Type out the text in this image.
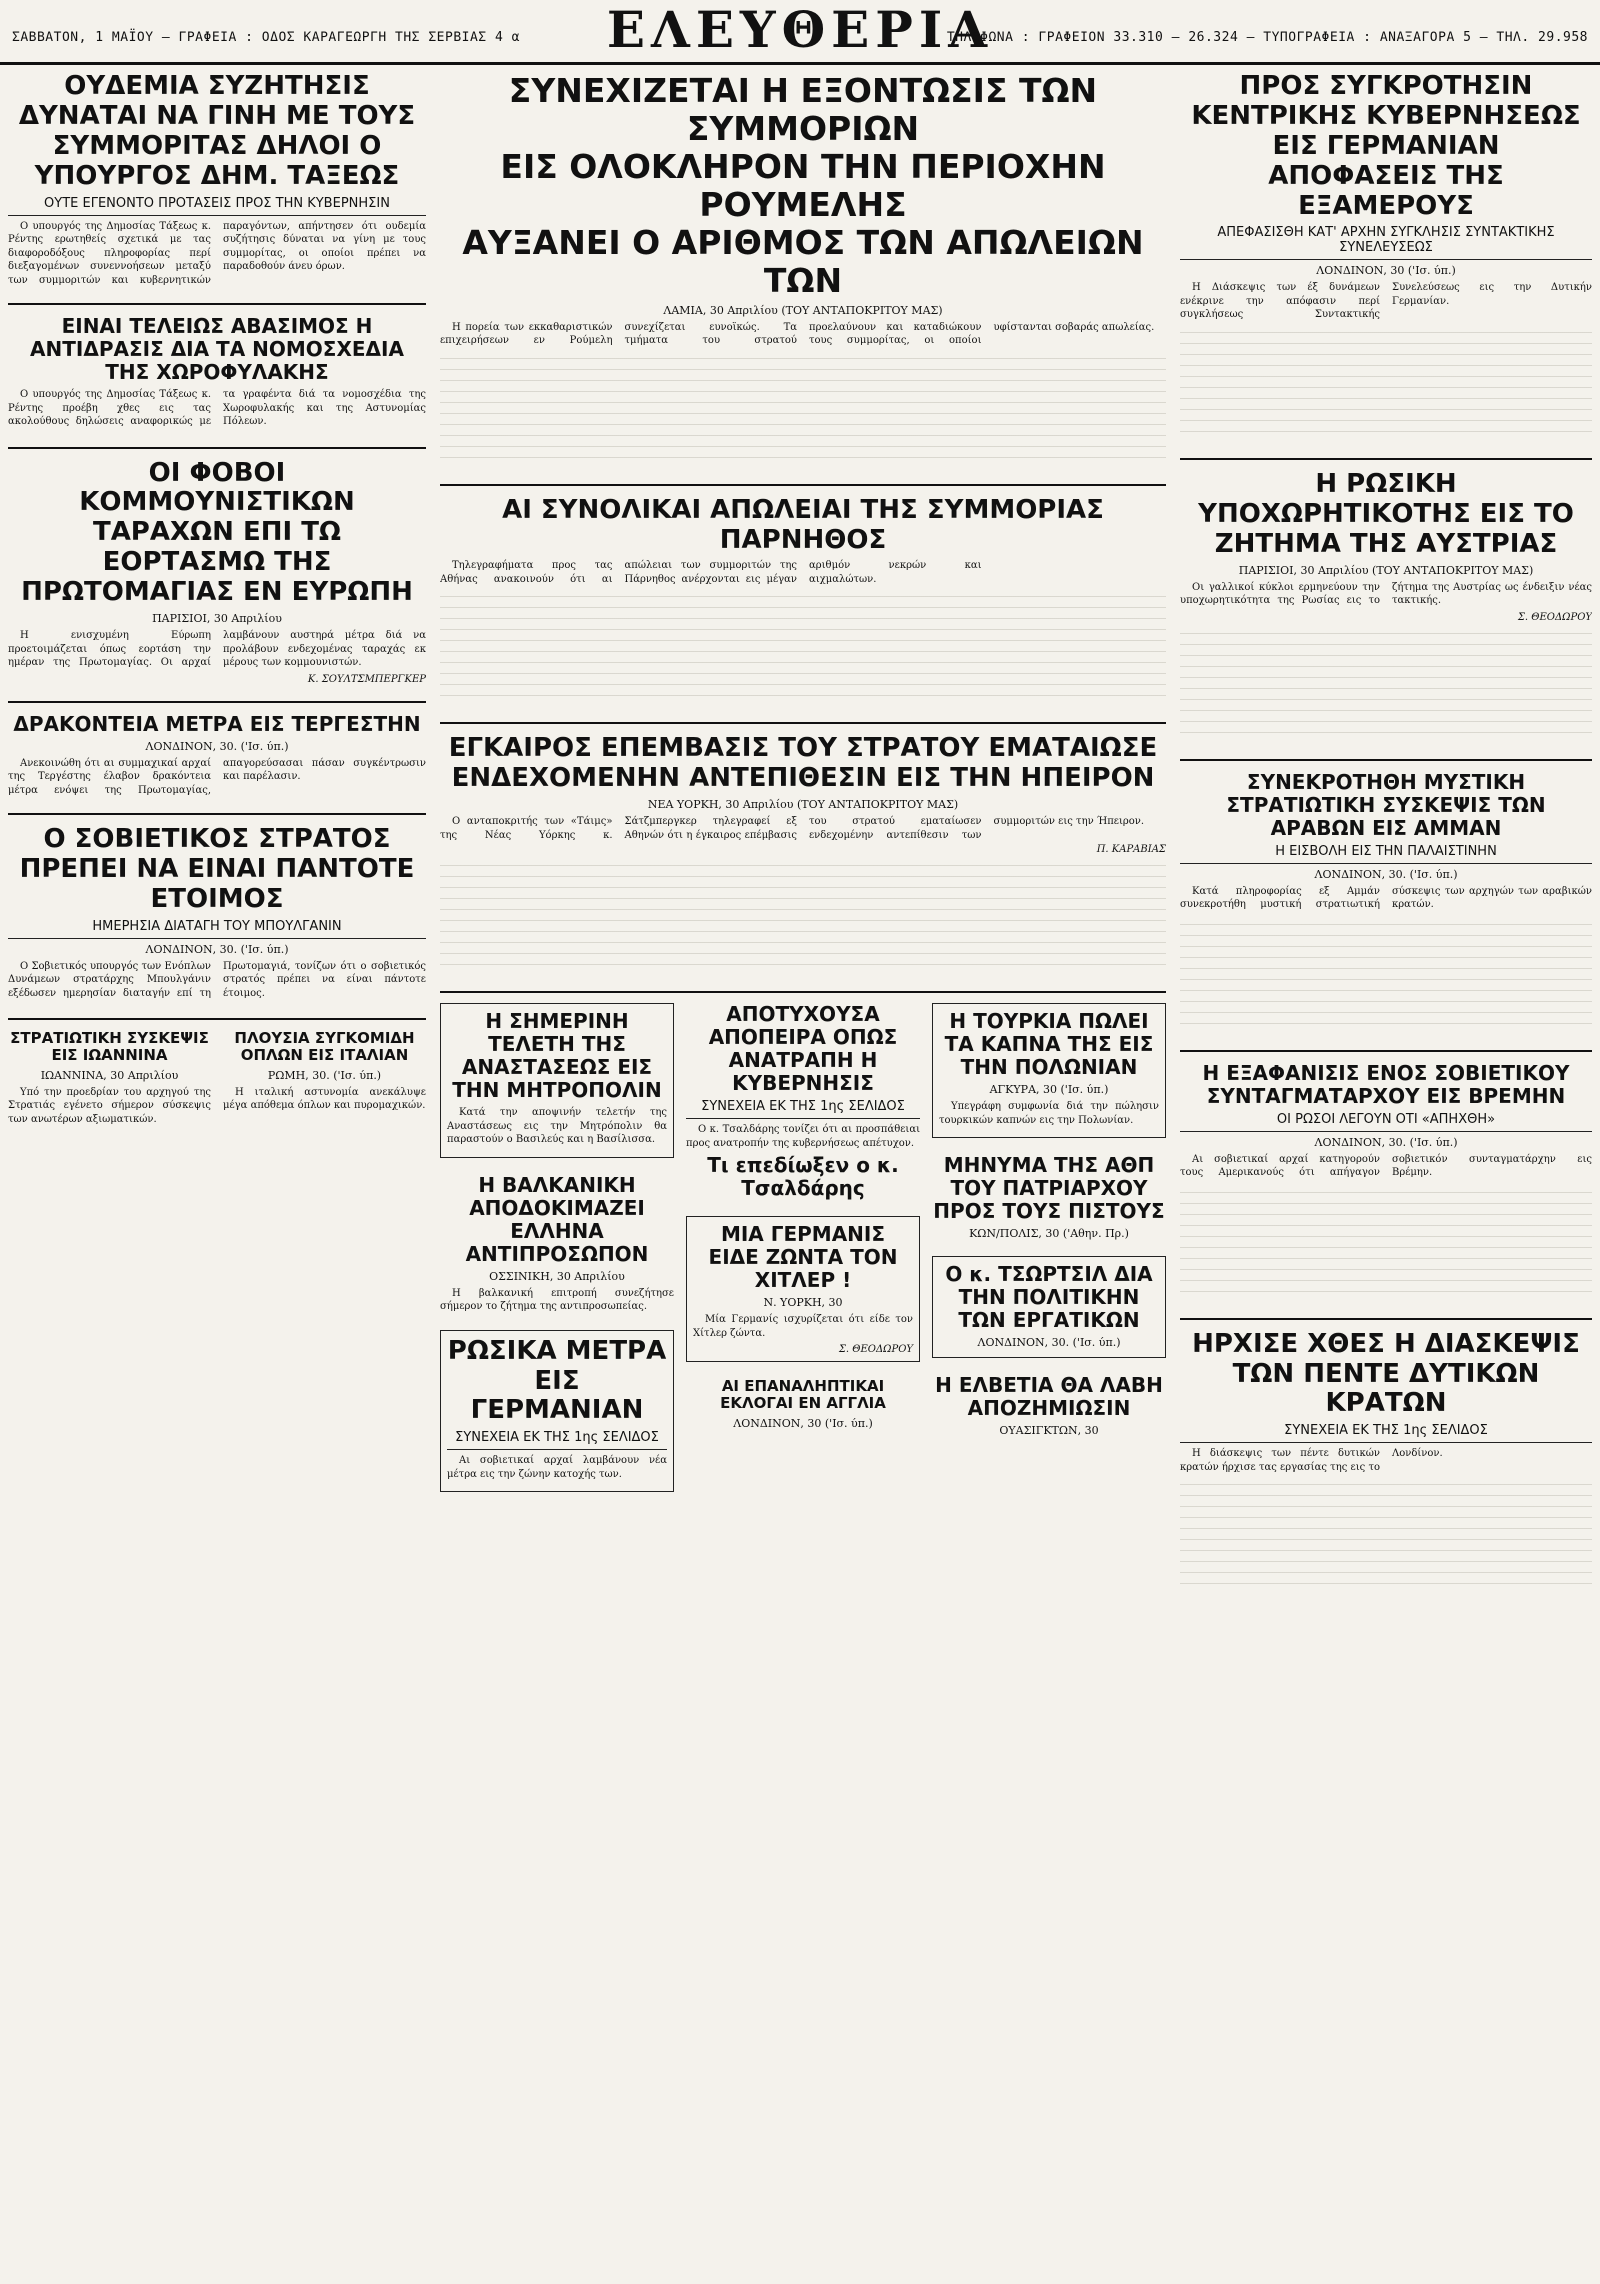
ΣΑΒΒΑΤΟΝ, 1 ΜΑΪΟΥ — ΓΡΑΦΕΙΑ : ΟΔΟΣ ΚΑΡΑΓΕΩΡΓΗ ΤΗΣ ΣΕΡΒΙΑΣ 4 α	ΕΛΕΥΘΕΡΙΑ
ΤΗΛΕΦΩΝΑ : ΓΡΑΦΕΙΟΝ 33.310 — 26.324 — ΤΥΠΟΓΡΑΦΕΙΑ : ΑΝΑΞΑΓΟΡΑ 5 — ΤΗΛ. 29.958
ΟΥΔΕΜΙΑ ΣΥΖΗΤΗΣΙΣ ΔΥΝΑΤΑΙ ΝΑ ΓΙΝΗ ΜΕ ΤΟΥΣ ΣΥΜΜΟΡΙΤΑΣ ΔΗΛΟΙ Ο ΥΠΟΥΡΓΟΣ ΔΗΜ. ΤΑΞΕΩΣ
ΟΥΤΕ ΕΓΕΝΟΝΤΟ ΠΡΟΤΑΣΕΙΣ ΠΡΟΣ ΤΗΝ ΚΥΒΕΡΝΗΣΙΝ

Ο υπουργός της Δημοσίας Τάξεως κ. Ρέντης ερωτηθείς σχετικά με τας διαφοροδόξους πληροφορίας περί διεξαγομένων συνεννοήσεων μεταξύ των συμμοριτών και κυβερνητικών παραγόντων, απήντησεν ότι ουδεμία συζήτησις δύναται να γίνη με τους συμμορίτας, οι οποίοι πρέπει να παραδοθούν άνευ όρων.

ΕΙΝΑΙ ΤΕΛΕΙΩΣ ΑΒΑΣΙΜΟΣ Η ΑΝΤΙΔΡΑΣΙΣ ΔΙΑ ΤΑ ΝΟΜΟΣΧΕΔΙΑ ΤΗΣ ΧΩΡΟΦΥΛΑΚΗΣ

Ο υπουργός της Δημοσίας Τάξεως κ. Ρέντης προέβη χθες εις τας ακολούθους δηλώσεις αναφορικώς με τα γραφέντα διά τα νομοσχέδια της Χωροφυλακής και της Αστυνομίας Πόλεων.

ΟΙ ΦΟΒΟΙ ΚΟΜΜΟΥΝΙΣΤΙΚΩΝ ΤΑΡΑΧΩΝ ΕΠΙ ΤΩ ΕΟΡΤΑΣΜΩ ΤΗΣ ΠΡΩΤΟΜΑΓΙΑΣ ΕΝ ΕΥΡΩΠΗ
ΠΑΡΙΣΙΟΙ, 30 Απριλίου

Η ενισχυμένη Εύρωπη προετοιμάζεται όπως εορτάση την ημέραν της Πρωτομαγίας. Οι αρχαί λαμβάνουν αυστηρά μέτρα διά να προλάβουν ενδεχομένας ταραχάς εκ μέρους των κομμουνιστών.

Κ. ΣΟΥΛΤΣΜΠΕΡΓΚΕΡ
ΔΡΑΚΟΝΤΕΙΑ ΜΕΤΡΑ ΕΙΣ ΤΕΡΓΕΣΤΗΝ
ΛΟΝΔΙΝΟΝ, 30. ('Ισ. ύπ.)

Ανεκοινώθη ότι αι συμμαχικαί αρχαί της Τεργέστης έλαβον δρακόντεια μέτρα ενόψει της Πρωτομαγίας, απαγορεύσασαι πάσαν συγκέντρωσιν και παρέλασιν.

Ο ΣΟΒΙΕΤΙΚΟΣ ΣΤΡΑΤΟΣ ΠΡΕΠΕΙ ΝΑ ΕΙΝΑΙ ΠΑΝΤΟΤΕ ΕΤΟΙΜΟΣ
ΗΜΕΡΗΣΙΑ ΔΙΑΤΑΓΗ ΤΟΥ ΜΠΟΥΛΓΑΝΙΝ
ΛΟΝΔΙΝΟΝ, 30. ('Ισ. ύπ.)

Ο Σοβιετικός υπουργός των Ενόπλων Δυνάμεων στρατάρχης Μπουλγάνιν εξέδωσεν ημερησίαν διαταγήν επί τη Πρωτομαγιά, τονίζων ότι ο σοβιετικός στρατός πρέπει να είναι πάντοτε έτοιμος.

ΣΤΡΑΤΙΩΤΙΚΗ ΣΥΣΚΕΨΙΣ ΕΙΣ ΙΩΑΝΝΙΝΑ
ΙΩΑΝΝΙΝΑ, 30 Απριλίου

Υπό την προεδρίαν του αρχηγού της Στρατιάς εγένετο σήμερον σύσκεψις των ανωτέρων αξιωματικών.

ΠΛΟΥΣΙΑ ΣΥΓΚΟΜΙΔΗ ΟΠΛΩΝ ΕΙΣ ΙΤΑΛΙΑΝ
ΡΩΜΗ, 30. ('Ισ. ύπ.)

Η ιταλική αστυνομία ανεκάλυψε μέγα απόθεμα όπλων και πυρομαχικών.

ΣΥΝΕΧΙΖΕΤΑΙ Η ΕΞΟΝΤΩΣΙΣ ΤΩΝ ΣΥΜΜΟΡΙΩΝ
ΕΙΣ ΟΛΟΚΛΗΡΟΝ ΤΗΝ ΠΕΡΙΟΧΗΝ ΡΟΥΜΕΛΗΣ
ΑΥΞΑΝΕΙ Ο ΑΡΙΘΜΟΣ ΤΩΝ ΑΠΩΛΕΙΩΝ ΤΩΝ
ΛΑΜΙΑ, 30 Απριλίου (ΤΟΥ ΑΝΤΑΠΟΚΡΙΤΟΥ ΜΑΣ)

Η πορεία των εκκαθαριστικών επιχειρήσεων εν Ρούμελη συνεχίζεται ευνοϊκώς. Τα τμήματα του στρατού προελαύνουν και καταδιώκουν τους συμμορίτας, οι οποίοι υφίστανται σοβαράς απωλείας.

ΑΙ ΣΥΝΟΛΙΚΑΙ ΑΠΩΛΕΙΑΙ ΤΗΣ ΣΥΜΜΟΡΙΑΣ ΠΑΡΝΗΘΟΣ

Τηλεγραφήματα προς τας Αθήνας ανακοινούν ότι αι απώλειαι των συμμοριτών της Πάρνηθος ανέρχονται εις μέγαν αριθμόν νεκρών και αιχμαλώτων.

ΕΓΚΑΙΡΟΣ ΕΠΕΜΒΑΣΙΣ ΤΟΥ ΣΤΡΑΤΟΥ ΕΜΑΤΑΙΩΣΕ ΕΝΔΕΧΟΜΕΝΗΝ ΑΝΤΕΠΙΘΕΣΙΝ ΕΙΣ ΤΗΝ ΗΠΕΙΡΟΝ
ΝΕΑ ΥΟΡΚΗ, 30 Απριλίου (ΤΟΥ ΑΝΤΑΠΟΚΡΙΤΟΥ ΜΑΣ)

Ο ανταποκριτής των «Τάιμς» της Νέας Υόρκης κ. Σάτζμπεργκερ τηλεγραφεί εξ Αθηνών ότι η έγκαιρος επέμβασις του στρατού εματαίωσεν ενδεχομένην αντεπίθεσιν των συμμοριτών εις την Ήπειρον.

Π. ΚΑΡΑΒΙΑΣ
Η ΣΗΜΕΡΙΝΗ ΤΕΛΕΤΗ ΤΗΣ ΑΝΑΣΤΑΣΕΩΣ ΕΙΣ ΤΗΝ ΜΗΤΡΟΠΟΛΙΝ

Κατά την αποψινήν τελετήν της Αναστάσεως εις την Μητρόπολιν θα παραστούν ο Βασιλεύς και η Βασίλισσα.

Η ΒΑΛΚΑΝΙΚΗ ΑΠΟΔΟΚΙΜΑΖΕΙ ΕΛΛΗΝΑ ΑΝΤΙΠΡΟΣΩΠΟΝ
ΟΣΣΙΝΙΚΗ, 30 Απριλίου

Η βαλκανική επιτροπή συνεζήτησε σήμερον το ζήτημα της αντιπροσωπείας.

ΡΩΣΙΚΑ ΜΕΤΡΑ ΕΙΣ ΓΕΡΜΑΝΙΑΝ
ΣΥΝΕΧΕΙΑ ΕΚ ΤΗΣ 1ης ΣΕΛΙΔΟΣ

Αι σοβιετικαί αρχαί λαμβάνουν νέα μέτρα εις την ζώνην κατοχής των.

ΑΠΟΤΥΧΟΥΣΑ ΑΠΟΠΕΙΡΑ ΟΠΩΣ ΑΝΑΤΡΑΠΗ Η ΚΥΒΕΡΝΗΣΙΣ
ΣΥΝΕΧΕΙΑ ΕΚ ΤΗΣ 1ης ΣΕΛΙΔΟΣ

Ο κ. Τσαλδάρης τονίζει ότι αι προσπάθειαι προς ανατροπήν της κυβερνήσεως απέτυχον.

Τι επεδίωξεν ο κ. Τσαλδάρης
ΜΙΑ ΓΕΡΜΑΝΙΣ ΕΙΔΕ ΖΩΝΤΑ ΤΟΝ ΧΙΤΛΕΡ !
Ν. ΥΟΡΚΗ, 30

Μία Γερμανίς ισχυρίζεται ότι είδε τον Χίτλερ ζώντα.

Σ. ΘΕΟΔΩΡΟΥ
ΑΙ ΕΠΑΝΑΛΗΠΤΙΚΑΙ ΕΚΛΟΓΑΙ ΕΝ ΑΓΓΛΙΑ
ΛΟΝΔΙΝΟΝ, 30 ('Ισ. ύπ.)
Η ΤΟΥΡΚΙΑ ΠΩΛΕΙ ΤΑ ΚΑΠΝΑ ΤΗΣ ΕΙΣ ΤΗΝ ΠΟΛΩΝΙΑΝ
ΑΓΚΥΡΑ, 30 ('Ισ. ύπ.)

Υπεγράφη συμφωνία διά την πώλησιν τουρκικών καπνών εις την Πολωνίαν.

ΜΗΝΥΜΑ ΤΗΣ ΑΘΠ ΤΟΥ ΠΑΤΡΙΑΡΧΟΥ ΠΡΟΣ ΤΟΥΣ ΠΙΣΤΟΥΣ
ΚΩΝ/ΠΟΛΙΣ, 30 ('Αθην. Πρ.)
Ο κ. ΤΣΩΡΤΣΙΛ ΔΙΑ ΤΗΝ ΠΟΛΙΤΙΚΗΝ ΤΩΝ ΕΡΓΑΤΙΚΩΝ
ΛΟΝΔΙΝΟΝ, 30. ('Ισ. ύπ.)
Η ΕΛΒΕΤΙΑ ΘΑ ΛΑΒΗ ΑΠΟΖΗΜΙΩΣΙΝ
ΟΥΑΣΙΓΚΤΩΝ, 30
ΠΡΟΣ ΣΥΓΚΡΟΤΗΣΙΝ ΚΕΝΤΡΙΚΗΣ ΚΥΒΕΡΝΗΣΕΩΣ ΕΙΣ ΓΕΡΜΑΝΙΑΝ
ΑΠΟΦΑΣΕΙΣ ΤΗΣ ΕΞΑΜΕΡΟΥΣ
ΑΠΕΦΑΣΙΣΘΗ ΚΑΤ' ΑΡΧΗΝ ΣΥΓΚΛΗΣΙΣ ΣΥΝΤΑΚΤΙΚΗΣ ΣΥΝΕΛΕΥΣΕΩΣ
ΛΟΝΔΙΝΟΝ, 30 ('Ισ. ύπ.)

Η Διάσκεψις των έξ δυνάμεων ενέκρινε την απόφασιν περί συγκλήσεως Συντακτικής Συνελεύσεως εις την Δυτικήν Γερμανίαν.

Η ΡΩΣΙΚΗ ΥΠΟΧΩΡΗΤΙΚΟΤΗΣ ΕΙΣ ΤΟ ΖΗΤΗΜΑ ΤΗΣ ΑΥΣΤΡΙΑΣ
ΠΑΡΙΣΙΟΙ, 30 Απριλίου (ΤΟΥ ΑΝΤΑΠΟΚΡΙΤΟΥ ΜΑΣ)

Οι γαλλικοί κύκλοι ερμηνεύουν την υποχωρητικότητα της Ρωσίας εις το ζήτημα της Αυστρίας ως ένδειξιν νέας τακτικής.

Σ. ΘΕΟΔΩΡΟΥ
ΣΥΝΕΚΡΟΤΗΘΗ ΜΥΣΤΙΚΗ ΣΤΡΑΤΙΩΤΙΚΗ ΣΥΣΚΕΨΙΣ ΤΩΝ ΑΡΑΒΩΝ ΕΙΣ ΑΜΜΑΝ
Η ΕΙΣΒΟΛΗ ΕΙΣ ΤΗΝ ΠΑΛΑΙΣΤΙΝΗΝ
ΛΟΝΔΙΝΟΝ, 30. ('Ισ. ύπ.)

Κατά πληροφορίας εξ Αμμάν συνεκροτήθη μυστική στρατιωτική σύσκεψις των αρχηγών των αραβικών κρατών.

Η ΕΞΑΦΑΝΙΣΙΣ ΕΝΟΣ ΣΟΒΙΕΤΙΚΟΥ ΣΥΝΤΑΓΜΑΤΑΡΧΟΥ ΕΙΣ ΒΡΕΜΗΝ
ΟΙ ΡΩΣΟΙ ΛΕΓΟΥΝ ΟΤΙ «ΑΠΗΧΘΗ»
ΛΟΝΔΙΝΟΝ, 30. ('Ισ. ύπ.)

Αι σοβιετικαί αρχαί κατηγορούν τους Αμερικανούς ότι απήγαγον σοβιετικόν συνταγματάρχην εις Βρέμην.

ΗΡΧΙΣΕ ΧΘΕΣ Η ΔΙΑΣΚΕΨΙΣ ΤΩΝ ΠΕΝΤΕ ΔΥΤΙΚΩΝ ΚΡΑΤΩΝ
ΣΥΝΕΧΕΙΑ ΕΚ ΤΗΣ 1ης ΣΕΛΙΔΟΣ

Η διάσκεψις των πέντε δυτικών κρατών ήρχισε τας εργασίας της εις το Λονδίνον.
